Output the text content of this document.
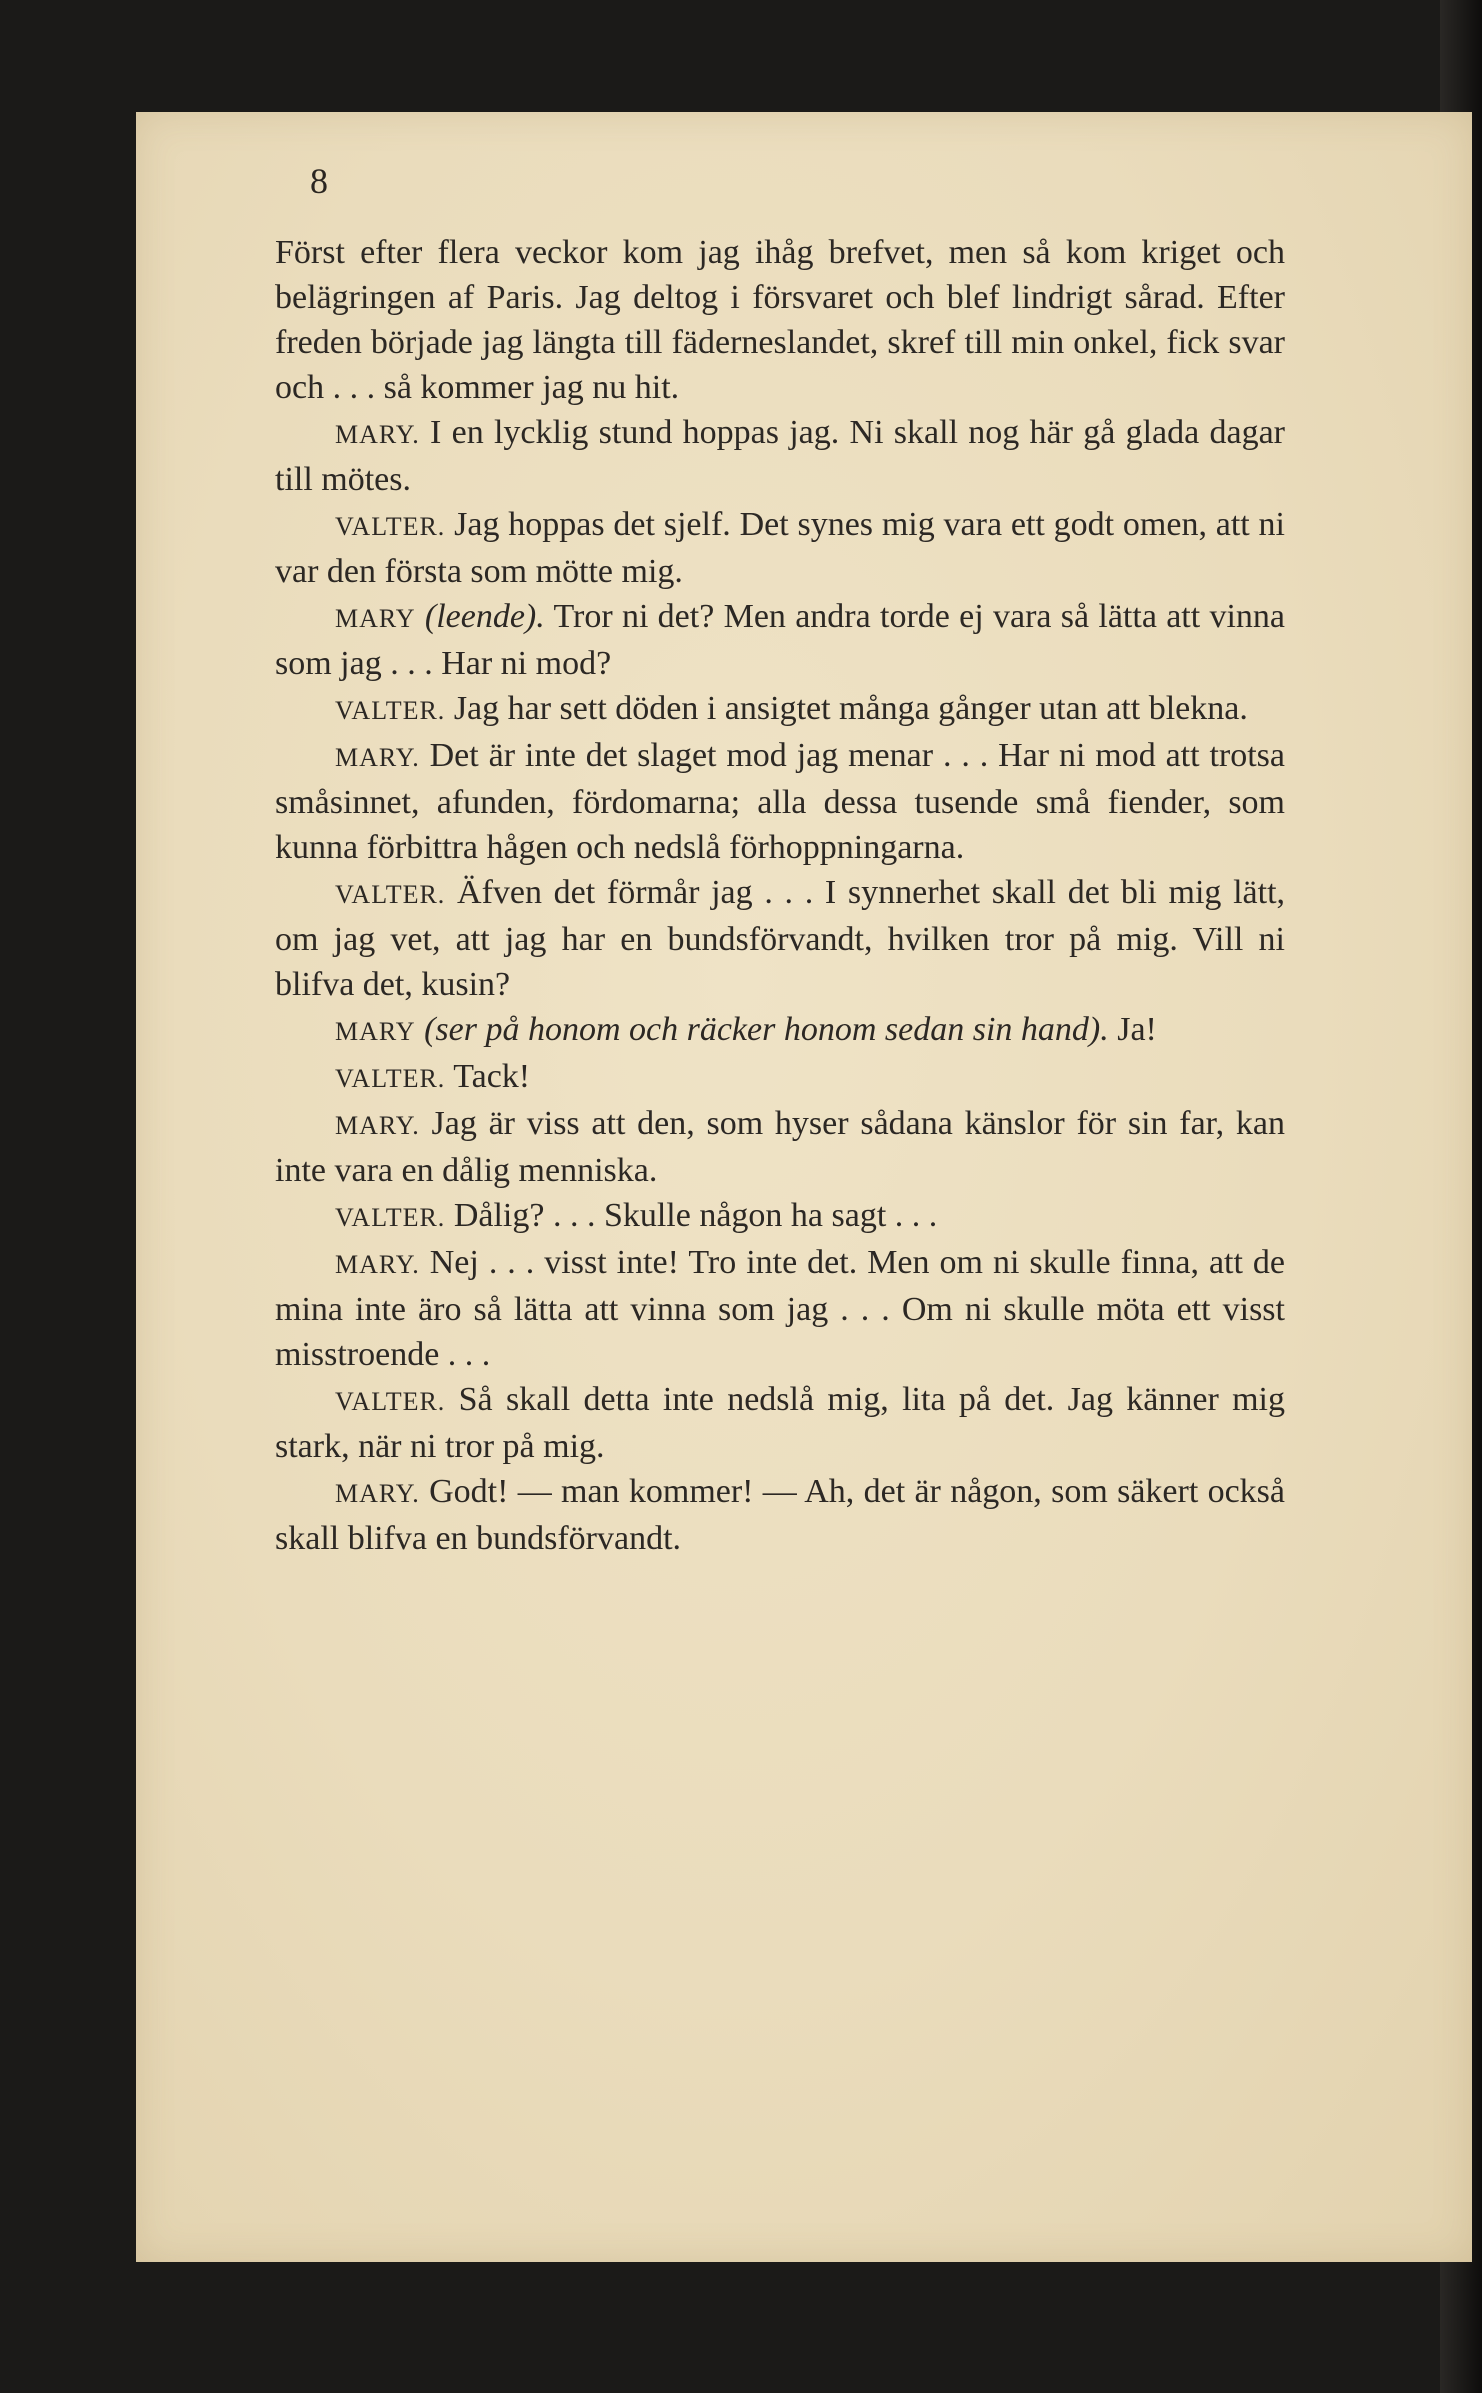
8

Först efter flera veckor kom jag ihåg brefvet, men så kom kriget och belägringen af Paris. Jag deltog i försvaret och blef lindrigt sårad. Efter freden började jag längta till fäderneslandet, skref till min onkel, fick svar och . . . så kommer jag nu hit.

MARY. I en lycklig stund hoppas jag. Ni skall nog här gå glada dagar till mötes.

VALTER. Jag hoppas det sjelf. Det synes mig vara ett godt omen, att ni var den första som mötte mig.

MARY (leende). Tror ni det? Men andra torde ej vara så lätta att vinna som jag . . . Har ni mod?

VALTER. Jag har sett döden i ansigtet många gånger utan att blekna.

MARY. Det är inte det slaget mod jag menar . . . Har ni mod att trotsa småsinnet, afunden, fördomarna; alla dessa tusende små fiender, som kunna förbittra hågen och nedslå förhoppningarna.

VALTER. Äfven det förmår jag . . . I synnerhet skall det bli mig lätt, om jag vet, att jag har en bundsförvandt, hvilken tror på mig. Vill ni blifva det, kusin?

MARY (ser på honom och räcker honom sedan sin hand). Ja!

VALTER. Tack!

MARY. Jag är viss att den, som hyser sådana känslor för sin far, kan inte vara en dålig menniska.

VALTER. Dålig? . . . Skulle någon ha sagt . . .

MARY. Nej . . . visst inte! Tro inte det. Men om ni skulle finna, att de mina inte äro så lätta att vinna som jag . . . Om ni skulle möta ett visst misstroende . . .

VALTER. Så skall detta inte nedslå mig, lita på det. Jag känner mig stark, när ni tror på mig.

MARY. Godt! — man kommer! — Ah, det är någon, som säkert också skall blifva en bundsförvandt.
